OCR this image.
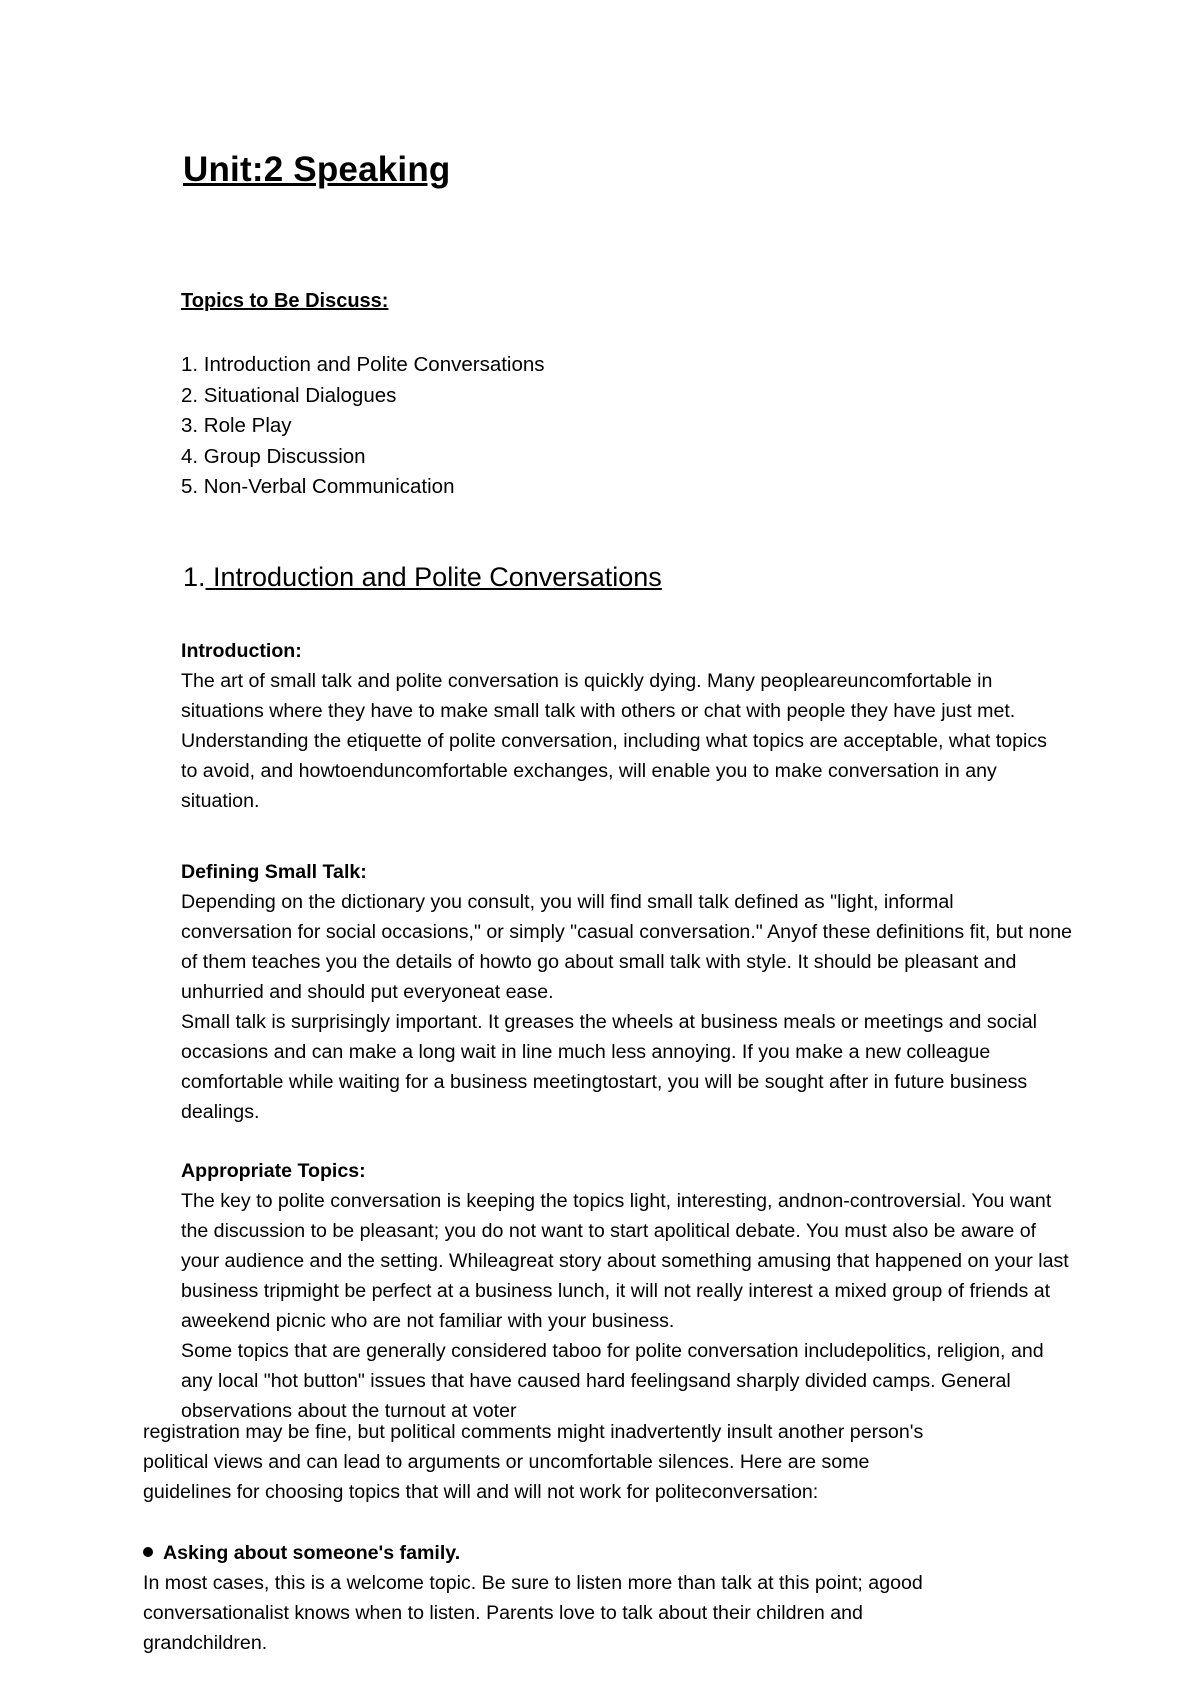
Unit:2 Speaking
Topics to Be Discuss:
1. Introduction and Polite Conversations
2. Situational Dialogues
3. Role Play
4. Group Discussion
5. Non-Verbal Communication
1. Introduction and Polite Conversations
Introduction:

The art of small talk and polite conversation is quickly dying. Many peopleareuncomfortable in

situations where they have to make small talk with others or chat with people they have just met.

Understanding the etiquette of polite conversation, including what topics are acceptable, what topics

to avoid, and howtoenduncomfortable exchanges, will enable you to make conversation in any

situation.

Defining Small Talk:

Depending on the dictionary you consult, you will find small talk defined as "light, informal

conversation for social occasions," or simply "casual conversation." Anyof these definitions fit, but none

of them teaches you the details of howto go about small talk with style. It should be pleasant and

unhurried and should put everyoneat ease.

Small talk is surprisingly important. It greases the wheels at business meals or meetings and social

occasions and can make a long wait in line much less annoying. If you make a new colleague

comfortable while waiting for a business meetingtostart, you will be sought after in future business

dealings.

Appropriate Topics:

The key to polite conversation is keeping the topics light, interesting, andnon-controversial. You want

the discussion to be pleasant; you do not want to start apolitical debate. You must also be aware of

your audience and the setting. Whileagreat story about something amusing that happened on your last

business tripmight be perfect at a business lunch, it will not really interest a mixed group of friends at

aweekend picnic who are not familiar with your business.

Some topics that are generally considered taboo for polite conversation includepolitics, religion, and

any local "hot button" issues that have caused hard feelingsand sharply divided camps. General

observations about the turnout at voter

registration may be fine, but political comments might inadvertently insult another person's

political views and can lead to arguments or uncomfortable silences. Here are some

guidelines for choosing topics that will and will not work for politeconversation:

Asking about someone's family.

In most cases, this is a welcome topic. Be sure to listen more than talk at this point; agood

conversationalist knows when to listen. Parents love to talk about their children and

grandchildren.
